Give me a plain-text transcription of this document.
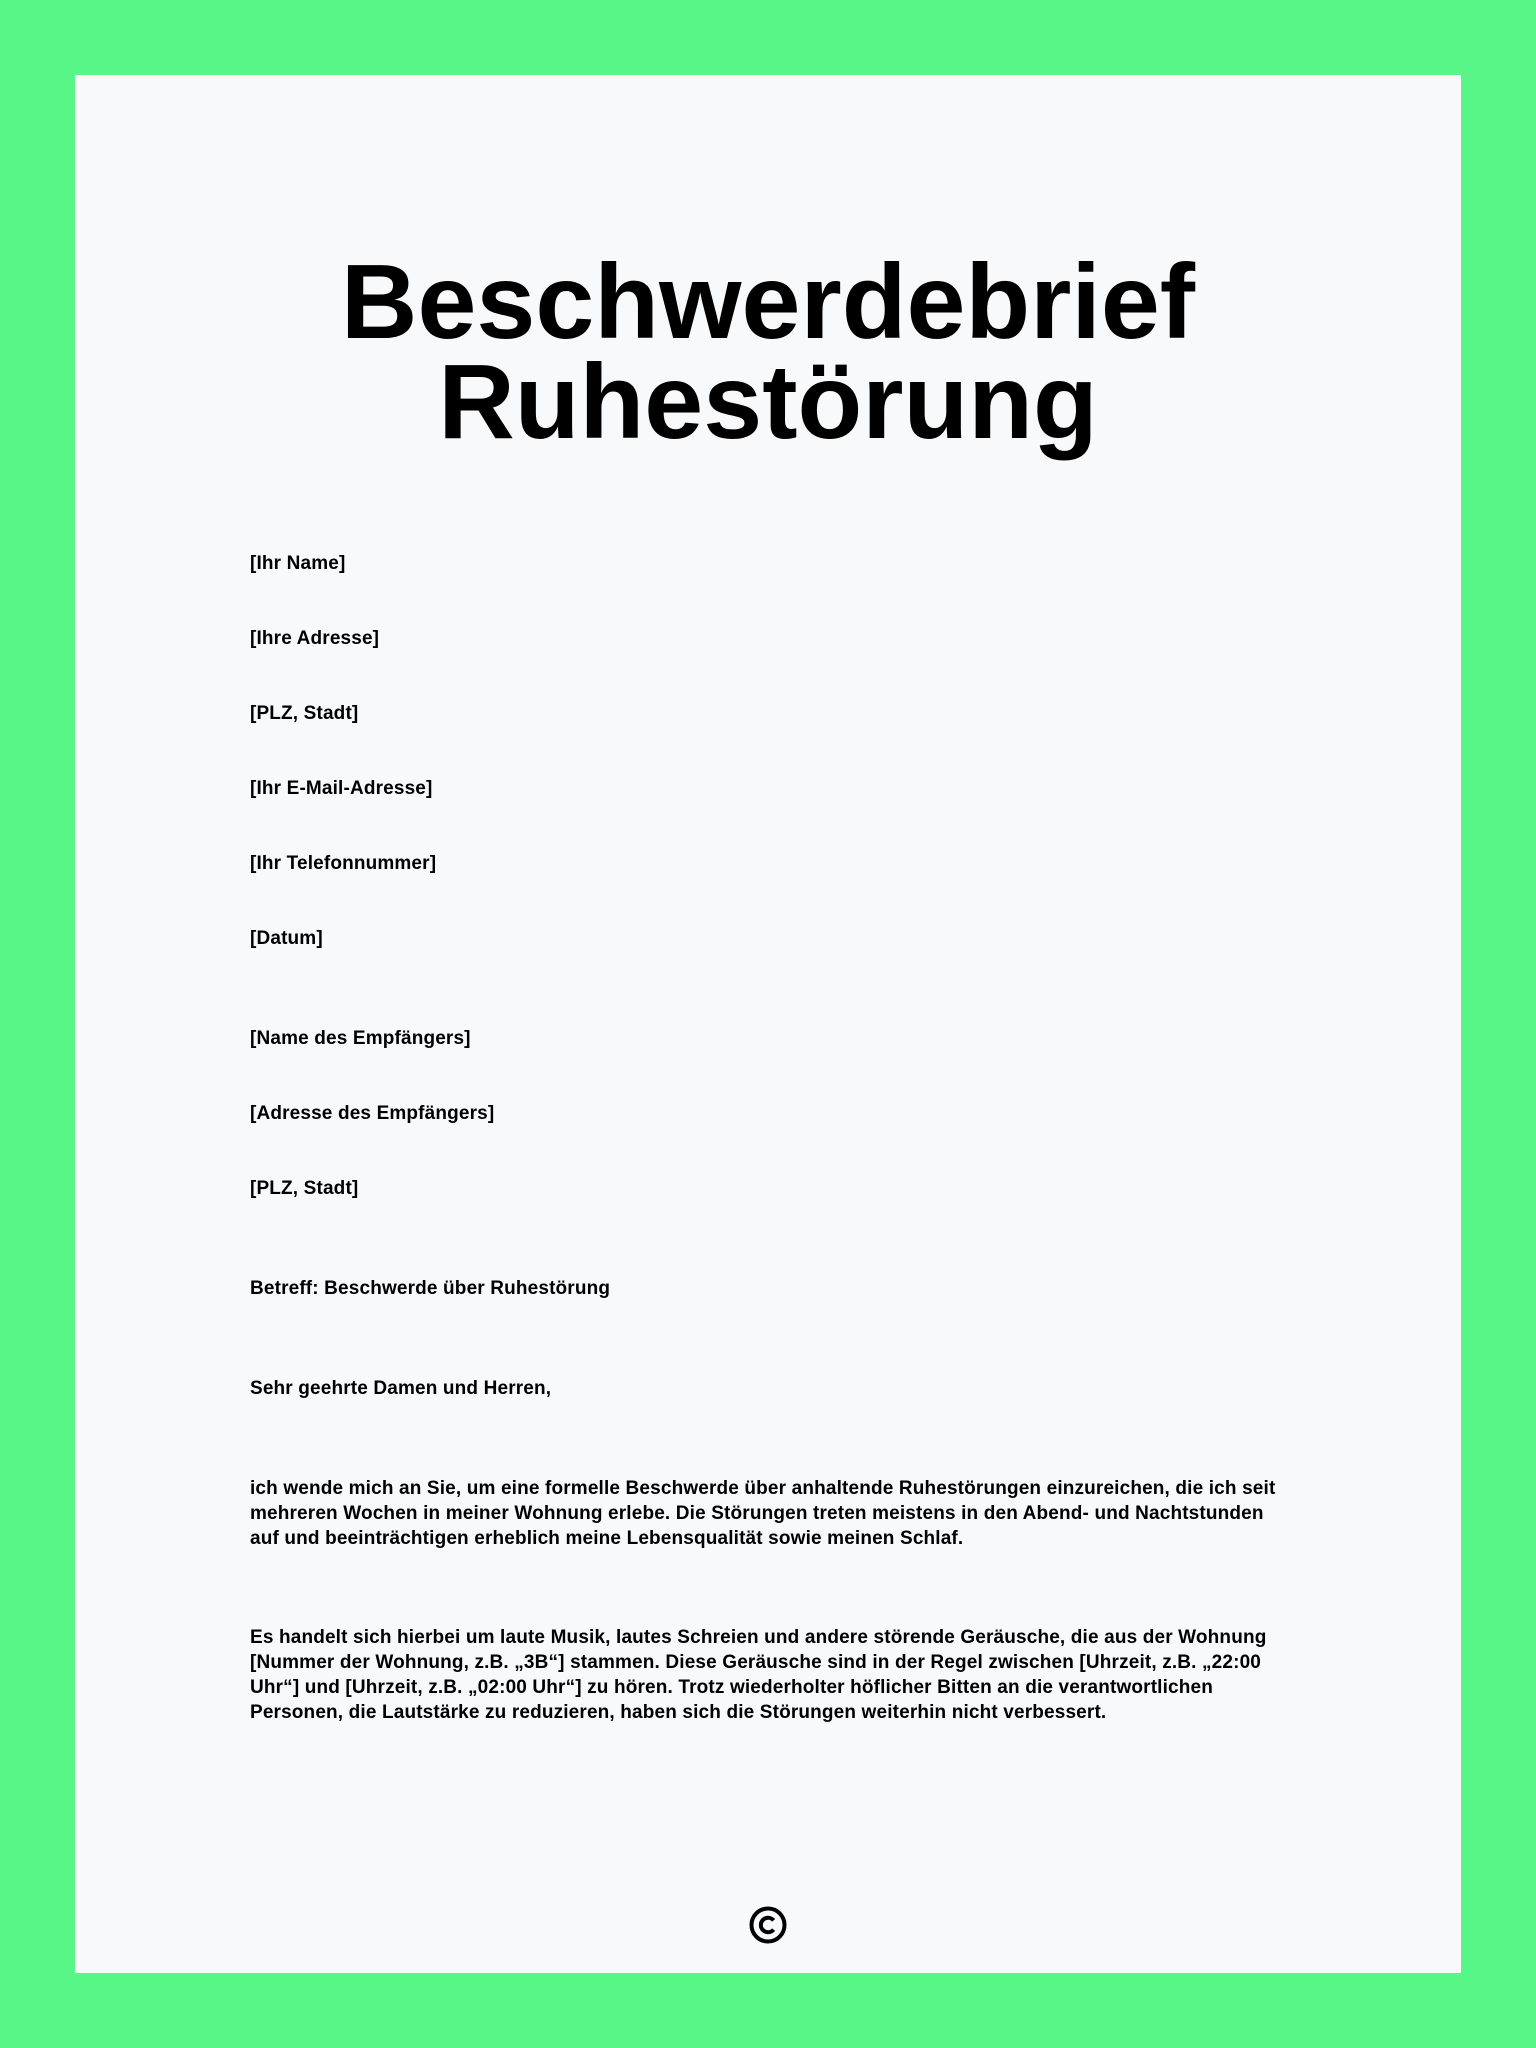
Beschwerdebrief Ruhestörung

[Ihr Name]

[Ihre Adresse]

[PLZ, Stadt]

[Ihr E-Mail-Adresse]

[Ihr Telefonnummer]

[Datum]

[Name des Empfängers]

[Adresse des Empfängers]

[PLZ, Stadt]

Betreff: Beschwerde über Ruhestörung

Sehr geehrte Damen und Herren,

ich wende mich an Sie, um eine formelle Beschwerde über anhaltende Ruhestörungen einzureichen, die ich seit mehreren Wochen in meiner Wohnung erlebe. Die Störungen treten meistens in den Abend- und Nachtstunden auf und beeinträchtigen erheblich meine Lebensqualität sowie meinen Schlaf.

Es handelt sich hierbei um laute Musik, lautes Schreien und andere störende Geräusche, die aus der Wohnung [Nummer der Wohnung, z.B. „3B“] stammen. Diese Geräusche sind in der Regel zwischen [Uhrzeit, z.B. „22:00 Uhr“] und [Uhrzeit, z.B. „02:00 Uhr“] zu hören. Trotz wiederholter höflicher Bitten an die verantwortlichen Personen, die Lautstärke zu reduzieren, haben sich die Störungen weiterhin nicht verbessert.
